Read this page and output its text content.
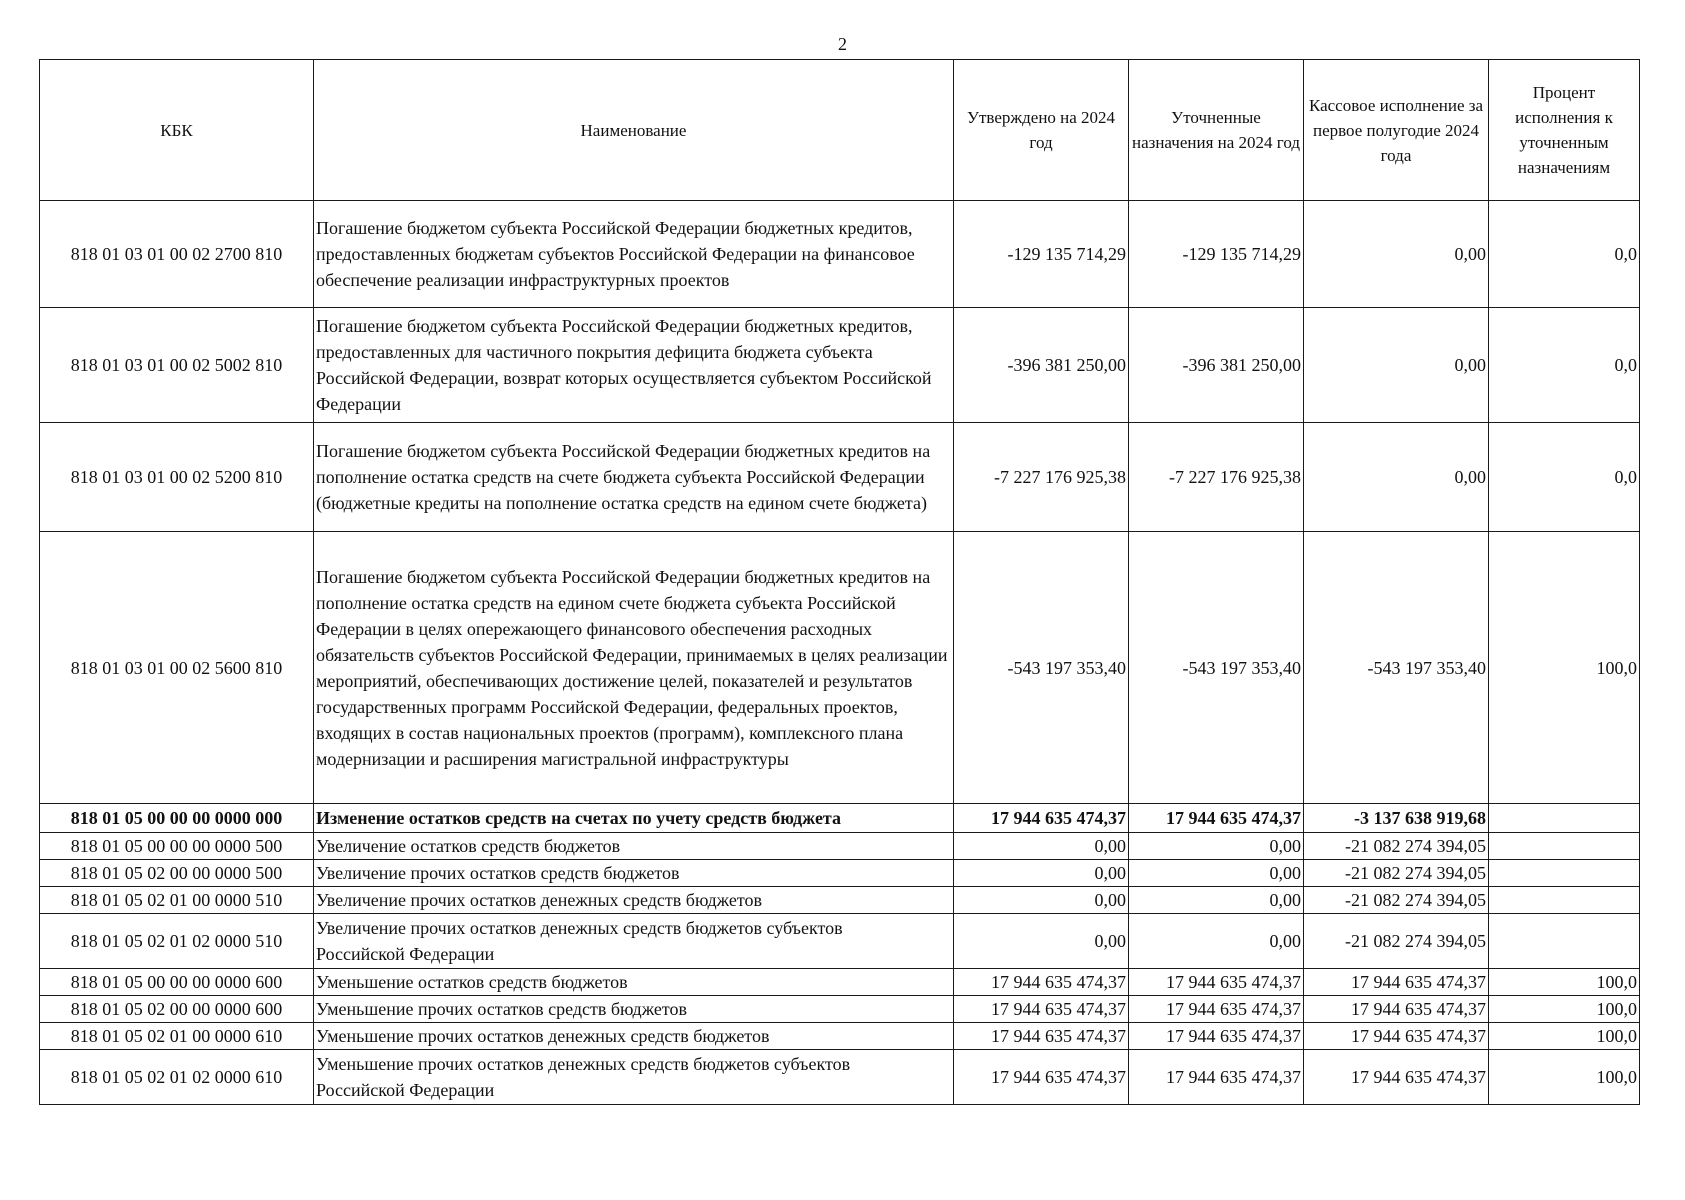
2
КБК	Наименование	Утверждено на 2024 год	Уточненные назначения на 2024 год	Кассовое исполнение за первое полугодие 2024 года	Процент исполнения к уточненным назначениям
818 01 03 01 00 02 2700 810	Погашение бюджетом субъекта Российской Федерации бюджетных кредитов, предоставленных бюджетам субъектов Российской Федерации на финансовое обеспечение реализации инфраструктурных проектов	-129 135 714,29	-129 135 714,29	0,00	0,0
818 01 03 01 00 02 5002 810	Погашение бюджетом субъекта Российской Федерации бюджетных кредитов, предоставленных для частичного покрытия дефицита бюджета субъекта Российской Федерации, возврат которых осуществляется субъектом Российской Федерации	-396 381 250,00	-396 381 250,00	0,00	0,0
818 01 03 01 00 02 5200 810	Погашение бюджетом субъекта Российской Федерации бюджетных кредитов на пополнение остатка средств на счете бюджета субъекта Российской Федерации (бюджетные кредиты на пополнение остатка средств на едином счете бюджета)	-7 227 176 925,38	-7 227 176 925,38	0,00	0,0
818 01 03 01 00 02 5600 810	Погашение бюджетом субъекта Российской Федерации бюджетных кредитов на пополнение остатка средств на едином счете бюджета субъекта Российской Федерации в целях опережающего финансового обеспечения расходных обязательств субъектов Российской Федерации, принимаемых в целях реализации мероприятий, обеспечивающих достижение целей, показателей и результатов государственных программ Российской Федерации, федеральных проектов, входящих в состав национальных проектов (программ), комплексного плана модернизации и расширения магистральной инфраструктуры	-543 197 353,40	-543 197 353,40	-543 197 353,40	100,0
818 01 05 00 00 00 0000 000	Изменение остатков средств на счетах по учету средств бюджета	17 944 635 474,37	17 944 635 474,37	-3 137 638 919,68	
818 01 05 00 00 00 0000 500	Увеличение остатков средств бюджетов	0,00	0,00	-21 082 274 394,05	
818 01 05 02 00 00 0000 500	Увеличение прочих остатков средств бюджетов	0,00	0,00	-21 082 274 394,05	
818 01 05 02 01 00 0000 510	Увеличение прочих остатков денежных средств бюджетов	0,00	0,00	-21 082 274 394,05	
818 01 05 02 01 02 0000 510	Увеличение прочих остатков денежных средств бюджетов субъектов
Российской Федерации	0,00	0,00	-21 082 274 394,05	
818 01 05 00 00 00 0000 600	Уменьшение остатков средств бюджетов	17 944 635 474,37	17 944 635 474,37	17 944 635 474,37	100,0
818 01 05 02 00 00 0000 600	Уменьшение прочих остатков средств бюджетов	17 944 635 474,37	17 944 635 474,37	17 944 635 474,37	100,0
818 01 05 02 01 00 0000 610	Уменьшение прочих остатков денежных средств бюджетов	17 944 635 474,37	17 944 635 474,37	17 944 635 474,37	100,0
818 01 05 02 01 02 0000 610	Уменьшение прочих остатков денежных средств бюджетов субъектов
Российской Федерации	17 944 635 474,37	17 944 635 474,37	17 944 635 474,37	100,0
